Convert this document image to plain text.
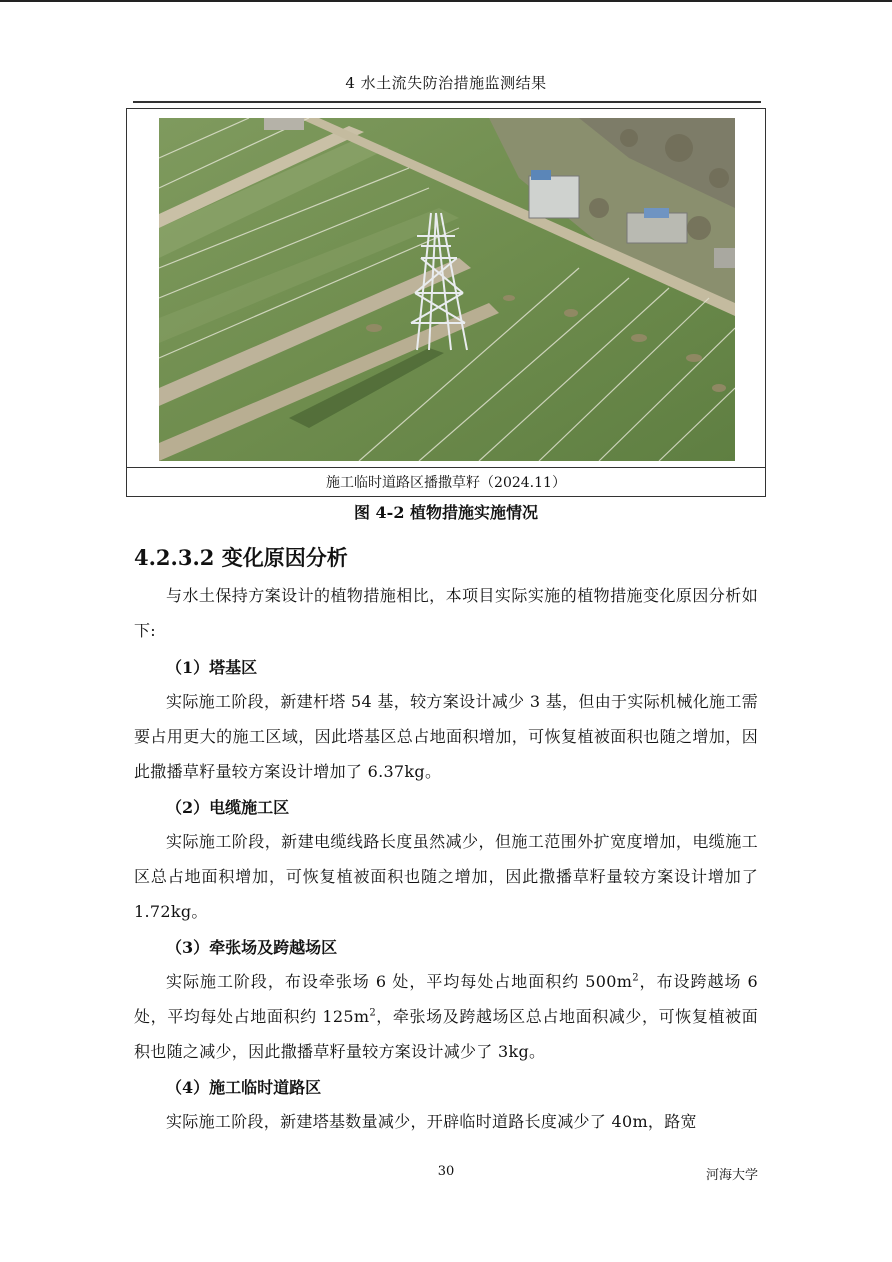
4 水土流失防治措施监测结果
施工临时道路区播撒草籽（2024.11）
图 4-2 植物措施实施情况
4.2.3.2 变化原因分析
与水土保持方案设计的植物措施相比，本项目实际实施的植物措施变化原因分析如下:
（1）塔基区
实际施工阶段，新建杆塔 54 基，较方案设计减少 3 基，但由于实际机械化施工需要占用更大的施工区域，因此塔基区总占地面积增加，可恢复植被面积也随之增加，因此撒播草籽量较方案设计增加了 6.37kg。
（2）电缆施工区
实际施工阶段，新建电缆线路长度虽然减少，但施工范围外扩宽度增加，电缆施工区总占地面积增加，可恢复植被面积也随之增加，因此撒播草籽量较方案设计增加了 1.72kg。
（3）牵张场及跨越场区
实际施工阶段，布设牵张场 6 处，平均每处占地面积约 $500m^2$，布设跨越场 6 处，平均每处占地面积约 $125m^2$，牵张场及跨越场区总占地面积减少，可恢复植被面积也随之减少，因此撒播草籽量较方案设计减少了 3kg。
（4）施工临时道路区
实际施工阶段，新建塔基数量减少，开辟临时道路长度减少了 40m，路宽
30	河海大学
